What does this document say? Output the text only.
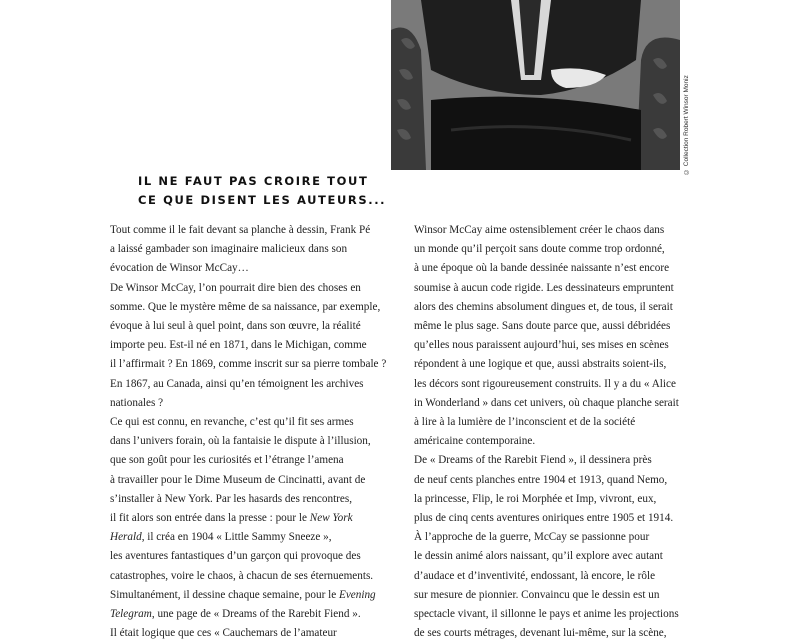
© Collection Robert Winsor Moniz
IL NE FAUT PAS CROIRE TOUT
CE QUE DISENT LES AUTEURS...
Tout comme il le fait devant sa planche à dessin, Frank Pé
a laissé gambader son imaginaire malicieux dans son
évocation de Winsor McCay…
De Winsor McCay, l’on pourrait dire bien des choses en
somme. Que le mystère même de sa naissance, par exemple,
évoque à lui seul à quel point, dans son œuvre, la réalité
importe peu. Est-il né en 1871, dans le Michigan, comme
il l’affirmait ? En 1869, comme inscrit sur sa pierre tombale ?
En 1867, au Canada, ainsi qu’en témoignent les archives
nationales ?
Ce qui est connu, en revanche, c’est qu’il fit ses armes
dans l’univers forain, où la fantaisie le dispute à l’illusion,
que son goût pour les curiosités et l’étrange l’amena
à travailler pour le Dime Museum de Cincinatti, avant de
s’installer à New York. Par les hasards des rencontres,
il fit alors son entrée dans la presse : pour le New York
Herald, il créa en 1904 « Little Sammy Sneeze »,
les aventures fantastiques d’un garçon qui provoque des
catastrophes, voire le chaos, à chacun de ses éternuements.
Simultanément, il dessine chaque semaine, pour le Evening
Telegram, une page de « Dreams of the Rarebit Fiend ».
Il était logique que ces « Cauchemars de l’amateur
Winsor McCay aime ostensiblement créer le chaos dans
un monde qu’il perçoit sans doute comme trop ordonné,
à une époque où la bande dessinée naissante n’est encore
soumise à aucun code rigide. Les dessinateurs empruntent
alors des chemins absolument dingues et, de tous, il serait
même le plus sage. Sans doute parce que, aussi débridées
qu’elles nous paraissent aujourd’hui, ses mises en scènes
répondent à une logique et que, aussi abstraits soient-ils,
les décors sont rigoureusement construits. Il y a du « Alice
in Wonderland » dans cet univers, où chaque planche serait
à lire à la lumière de l’inconscient et de la société
américaine contemporaine.
De « Dreams of the Rarebit Fiend », il dessinera près
de neuf cents planches entre 1904 et 1913, quand Nemo,
la princesse, Flip, le roi Morphée et Imp, vivront, eux,
plus de cinq cents aventures oniriques entre 1905 et 1914.
À l’approche de la guerre, McCay se passionne pour
le dessin animé alors naissant, qu’il explore avec autant
d’audace et d’inventivité, endossant, là encore, le rôle
sur mesure de pionnier. Convaincu que le dessin est un
spectacle vivant, il sillonne le pays et anime les projections
de ses courts métrages, devenant lui-même, sur la scène,
